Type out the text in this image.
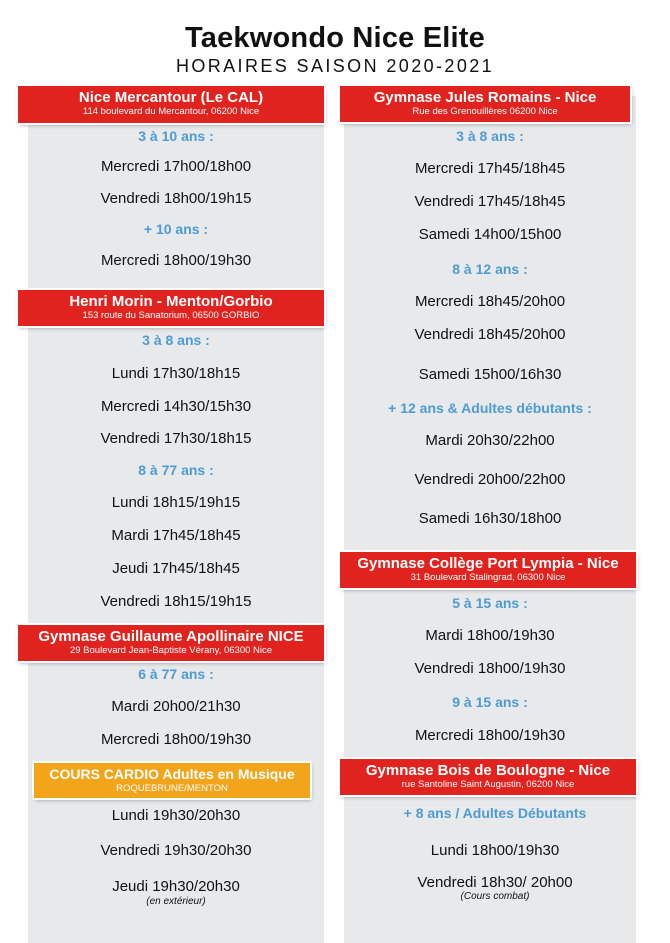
Taekwondo Nice Elite
HORAIRES SAISON 2020-2021
Nice Mercantour (Le CAL)
114 boulevard du Mercantour, 06200 Nice
3 à 10 ans :
Mercredi 17h00/18h00
Vendredi 18h00/19h15
+ 10 ans :
Mercredi 18h00/19h30
Henri Morin - Menton/Gorbio
153 route du Sanatorium, 06500 GORBIO
3 à 8 ans :
Lundi 17h30/18h15
Mercredi 14h30/15h30
Vendredi 17h30/18h15
8 à 77 ans :
Lundi 18h15/19h15
Mardi 17h45/18h45
Jeudi 17h45/18h45
Vendredi 18h15/19h15
Gymnase Guillaume Apollinaire NICE
29 Boulevard Jean-Baptiste Vérany, 06300 Nice
6 à 77 ans :
Mardi 20h00/21h30
Mercredi 18h00/19h30
COURS CARDIO Adultes en Musique
ROQUEBRUNE/MENTON
Lundi 19h30/20h30
Vendredi 19h30/20h30
Jeudi 19h30/20h30
(en extérieur)
Gymnase Jules Romains - Nice
Rue des Grenouillères 06200 Nice
3 à 8 ans :
Mercredi 17h45/18h45
Vendredi 17h45/18h45
Samedi 14h00/15h00
8 à 12 ans :
Mercredi 18h45/20h00
Vendredi 18h45/20h00
Samedi 15h00/16h30
+ 12 ans & Adultes débutants :
Mardi 20h30/22h00
Vendredi 20h00/22h00
Samedi 16h30/18h00
Gymnase Collège Port Lympia - Nice
31 Boulevard Stalingrad, 06300 Nice
5 à 15 ans :
Mardi 18h00/19h30
Vendredi 18h00/19h30
9 à 15 ans :
Mercredi 18h00/19h30
Gymnase Bois de Boulogne - Nice
rue Santoline Saint Augustin, 06200 Nice
+ 8 ans / Adultes Débutants
Lundi 18h00/19h30
Vendredi 18h30/ 20h00
(Cours combat)
